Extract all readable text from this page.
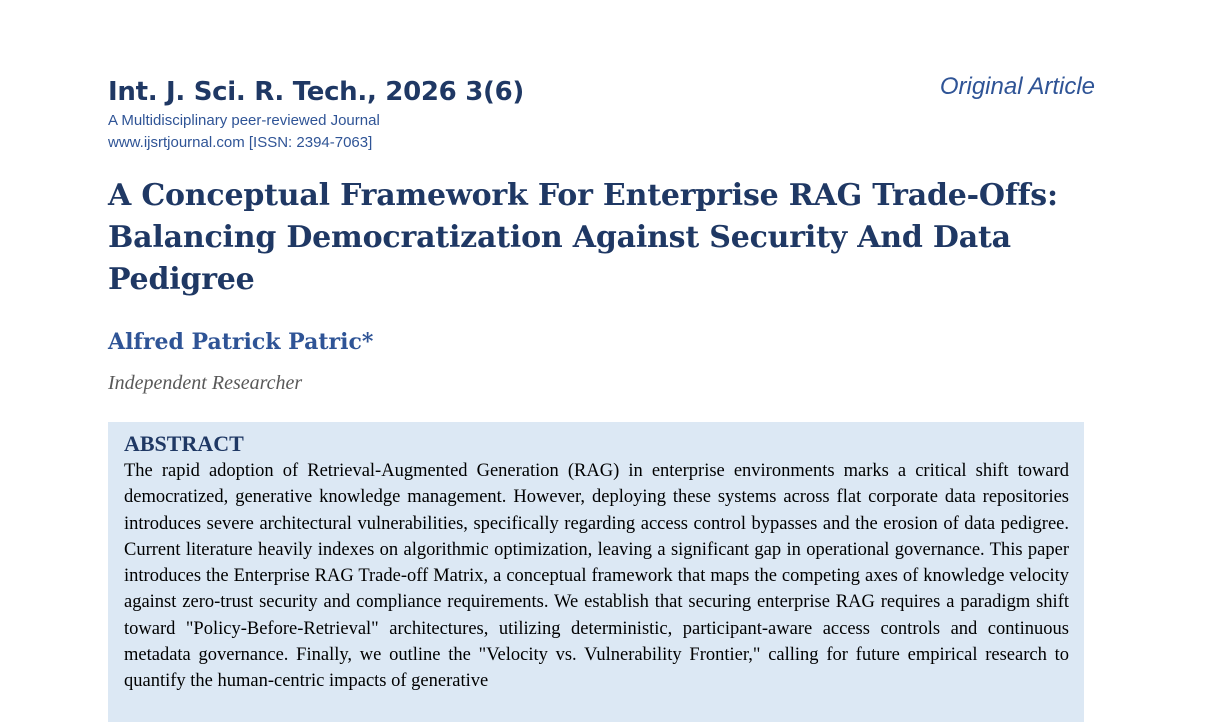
Int. J. Sci. R. Tech., 2026 3(6)
A Multidisciplinary peer-reviewed Journal
www.ijsrtjournal.com [ISSN: 2394-7063]
Original Article
A Conceptual Framework For Enterprise RAG Trade-Offs: Balancing Democratization Against Security And Data Pedigree
Alfred Patrick Patric*
Independent Researcher
ABSTRACT

The rapid adoption of Retrieval-Augmented Generation (RAG) in enterprise environments marks a critical shift toward democratized, generative knowledge management. However, deploying these systems across flat corporate data repositories introduces severe architectural vulnerabilities, specifically regarding access control bypasses and the erosion of data pedigree. Current literature heavily indexes on algorithmic optimization, leaving a significant gap in operational governance. This paper introduces the Enterprise RAG Trade-off Matrix, a conceptual framework that maps the competing axes of knowledge velocity against zero-trust security and compliance requirements. We establish that securing enterprise RAG requires a paradigm shift toward "Policy-Before-Retrieval" architectures, utilizing deterministic, participant-aware access controls and continuous metadata governance. Finally, we outline the "Velocity vs. Vulnerability Frontier," calling for future empirical research to quantify the human-centric impacts of generative
